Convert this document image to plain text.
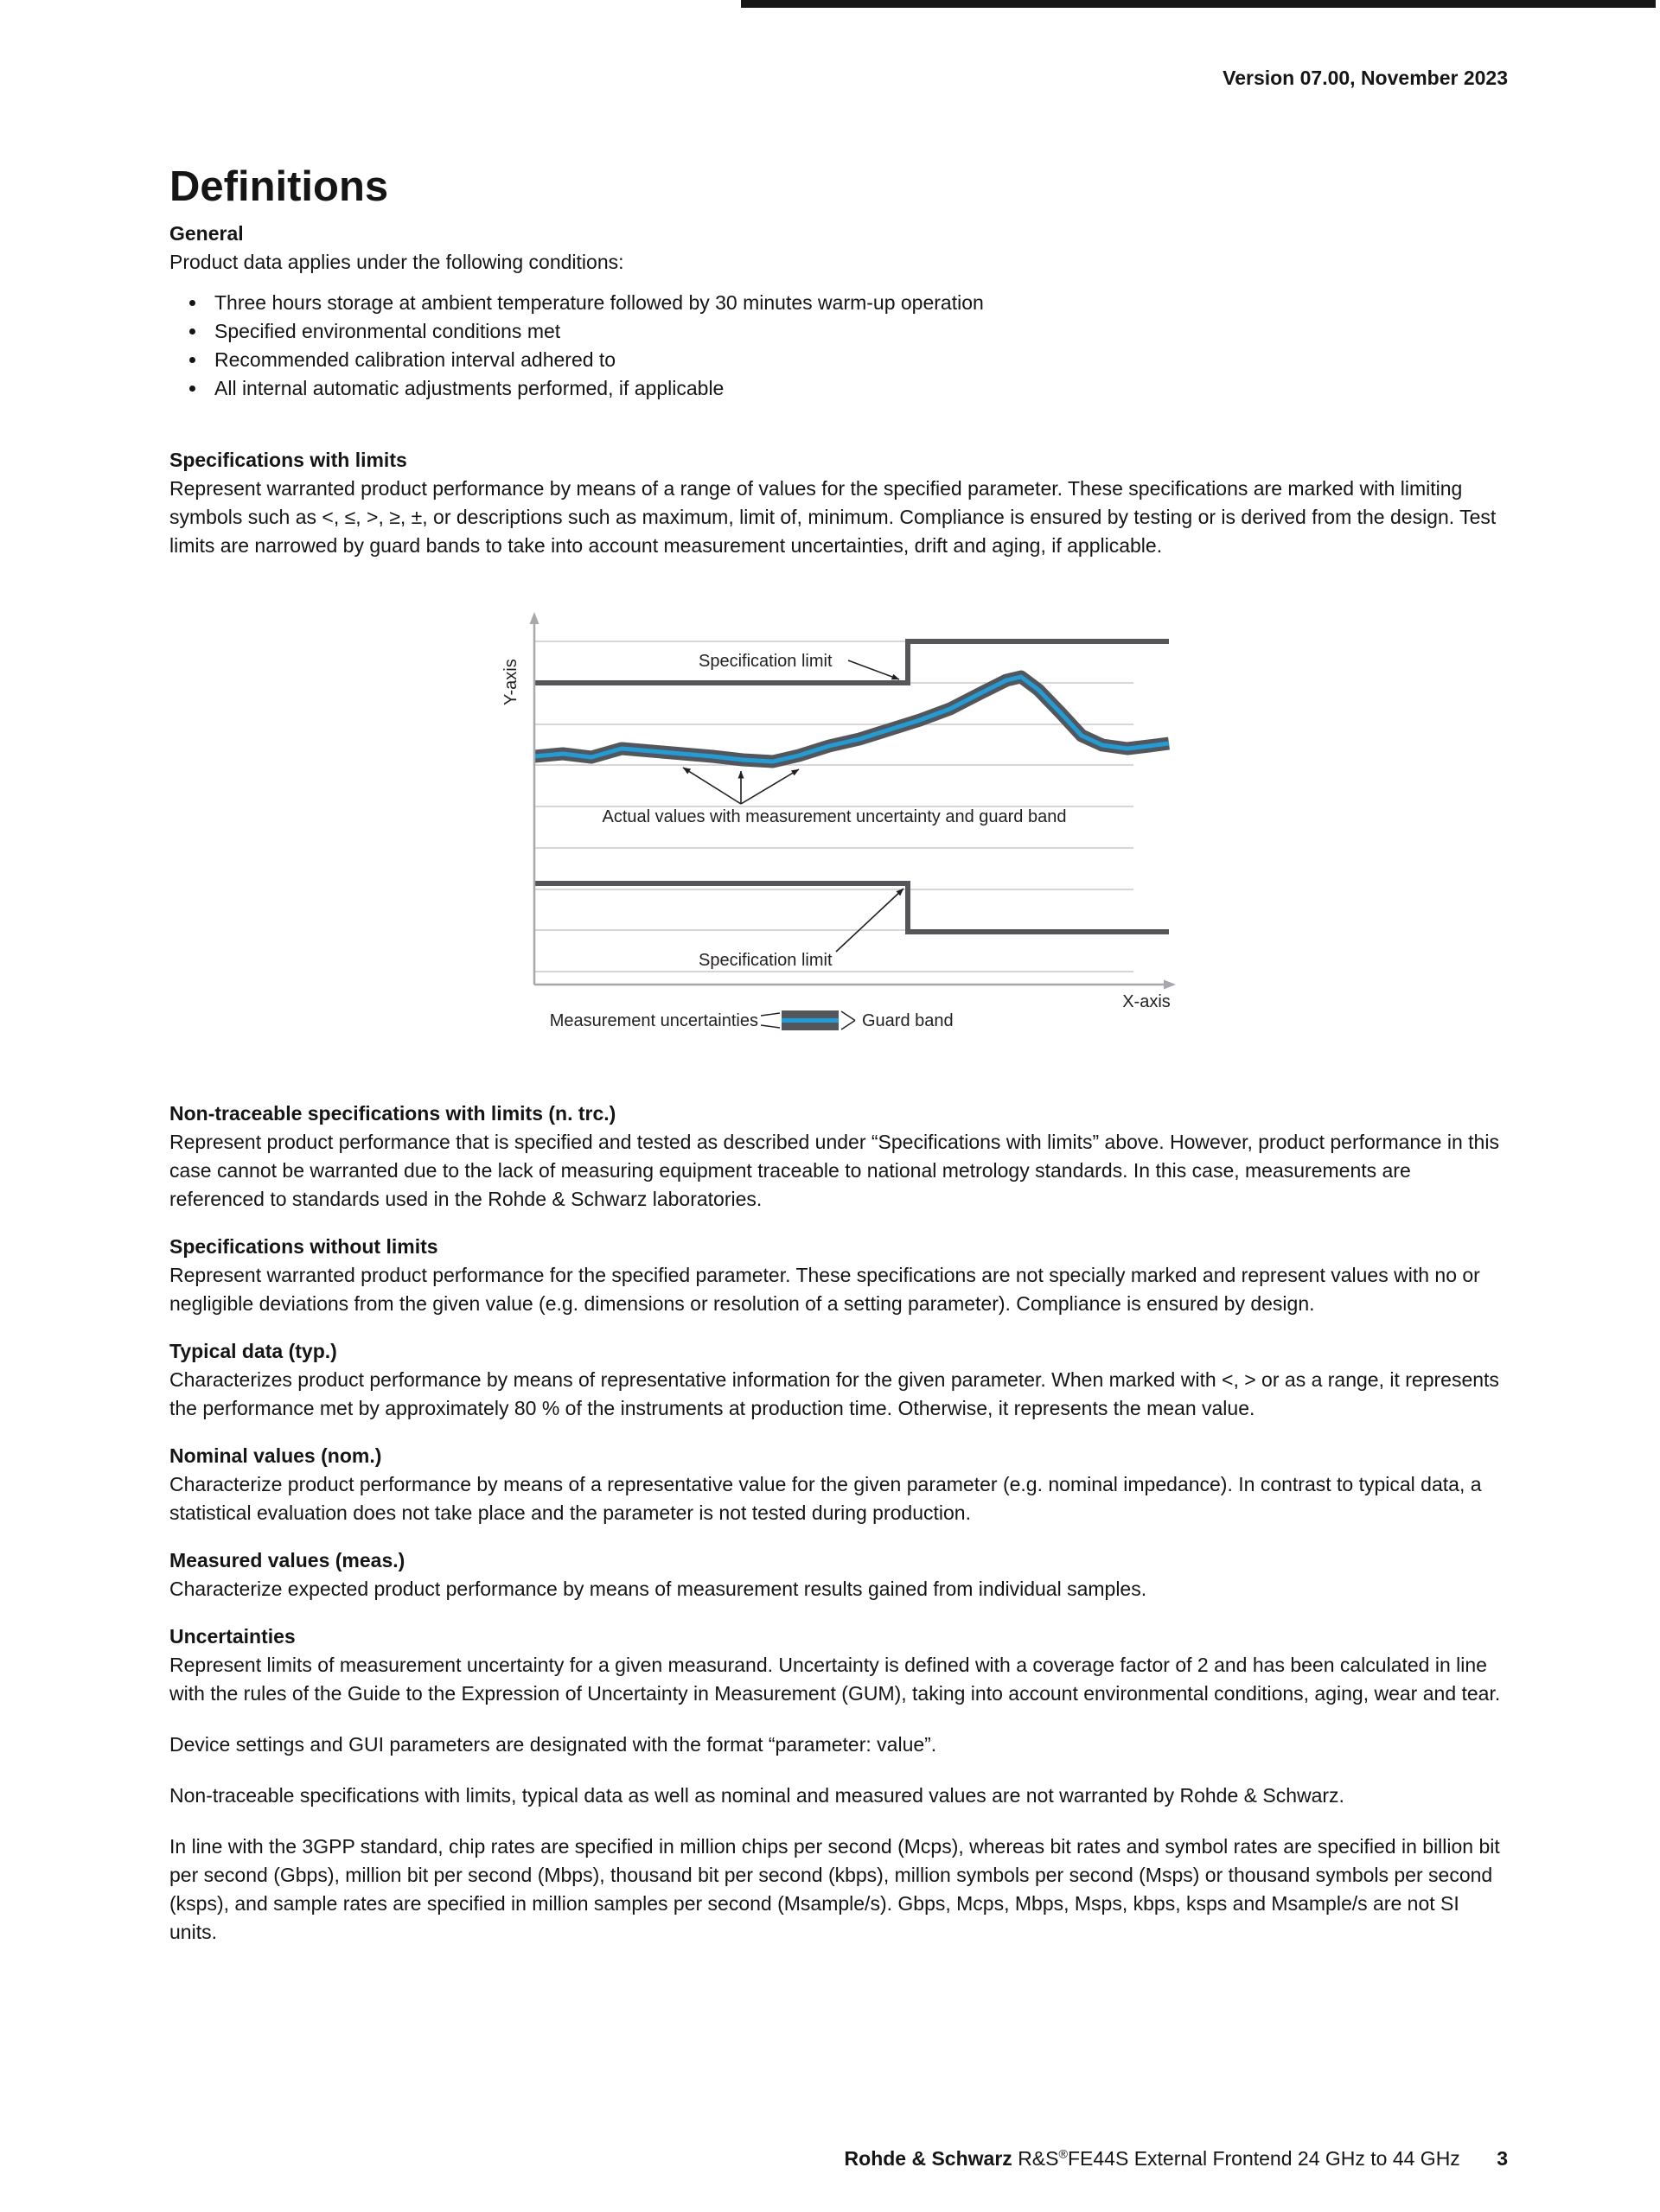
Version 07.00, November 2023
Definitions
General

Product data applies under the following conditions:

• Three hours storage at ambient temperature followed by 30 minutes warm-up operation
• Specified environmental conditions met
• Recommended calibration interval adhered to
• All internal automatic adjustments performed, if applicable
Specifications with limits

Represent warranted product performance by means of a range of values for the specified parameter. These specifications are marked with limiting symbols such as <, ≤, >, ≥, ±, or descriptions such as maximum, limit of, minimum. Compliance is ensured by testing or is derived from the design. Test limits are narrowed by guard bands to take into account measurement uncertainties, drift and aging, if applicable.

Y-axis	Specification limit
Actual values with measurement uncertainty and guard band
Specification limit
X-axis
Measurement uncertainties	Guard band
Non-traceable specifications with limits (n. trc.)

Represent product performance that is specified and tested as described under “Specifications with limits” above. However, product performance in this case cannot be warranted due to the lack of measuring equipment traceable to national metrology standards. In this case, measurements are referenced to standards used in the Rohde & Schwarz laboratories.

Specifications without limits

Represent warranted product performance for the specified parameter. These specifications are not specially marked and represent values with no or negligible deviations from the given value (e.g. dimensions or resolution of a setting parameter). Compliance is ensured by design.

Typical data (typ.)

Characterizes product performance by means of representative information for the given parameter. When marked with <, > or as a range, it represents the performance met by approximately 80 % of the instruments at production time. Otherwise, it represents the mean value.

Nominal values (nom.)

Characterize product performance by means of a representative value for the given parameter (e.g. nominal impedance). In contrast to typical data, a statistical evaluation does not take place and the parameter is not tested during production.

Measured values (meas.)

Characterize expected product performance by means of measurement results gained from individual samples.

Uncertainties

Represent limits of measurement uncertainty for a given measurand. Uncertainty is defined with a coverage factor of 2 and has been calculated in line with the rules of the Guide to the Expression of Uncertainty in Measurement (GUM), taking into account environmental conditions, aging, wear and tear.

Device settings and GUI parameters are designated with the format “parameter: value”.

Non-traceable specifications with limits, typical data as well as nominal and measured values are not warranted by Rohde & Schwarz.

In line with the 3GPP standard, chip rates are specified in million chips per second (Mcps), whereas bit rates and symbol rates are specified in billion bit per second (Gbps), million bit per second (Mbps), thousand bit per second (kbps), million symbols per second (Msps) or thousand symbols per second (ksps), and sample rates are specified in million samples per second (Msample/s). Gbps, Mcps, Mbps, Msps, kbps, ksps and Msample/s are not SI units.

Rohde & Schwarz R&S®FE44S External Frontend 24 GHz to 44 GHz 3
